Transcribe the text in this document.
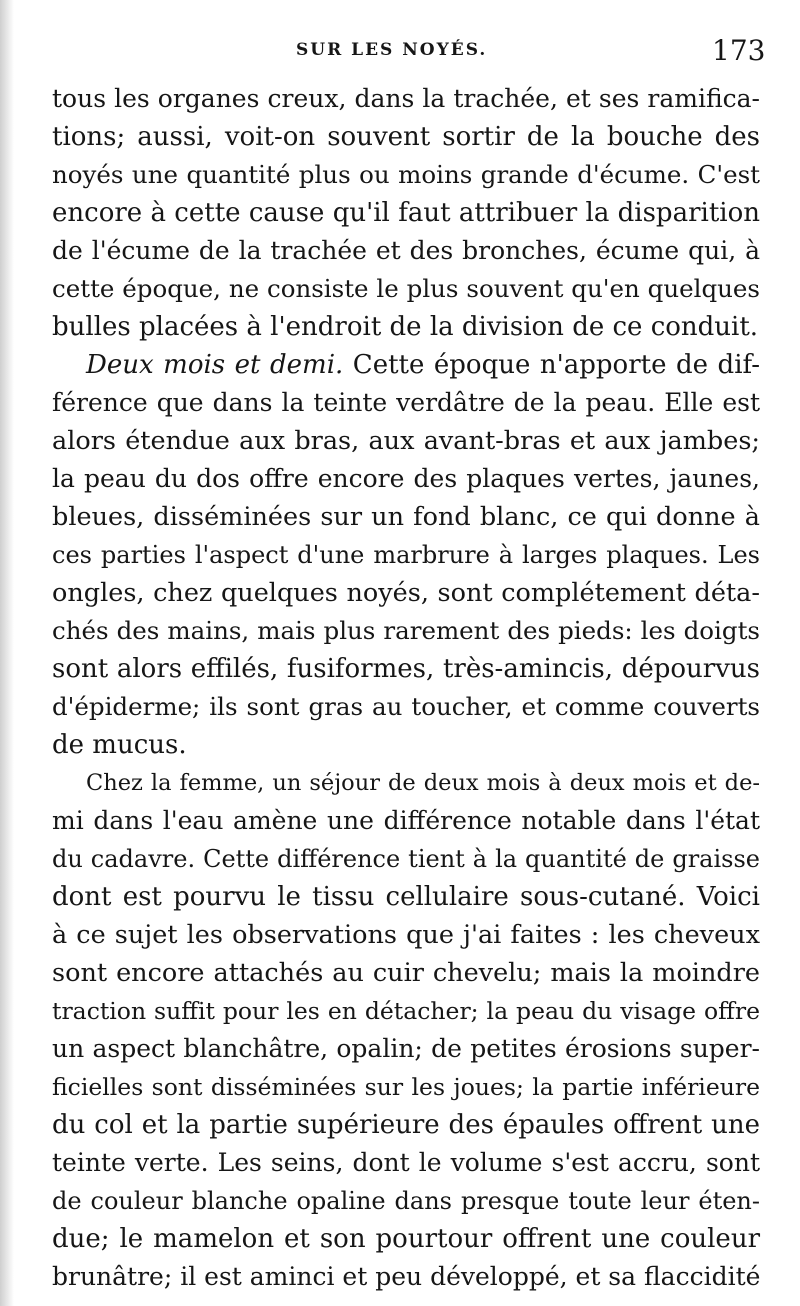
SUR LES NOYÉS.	173
tous les organes creux, dans la trachée, et ses ramifica-
tions; aussi, voit-on souvent sortir de la bouche des
noyés une quantité plus ou moins grande d'écume. C'est
encore à cette cause qu'il faut attribuer la disparition
de l'écume de la trachée et des bronches, écume qui, à
cette époque, ne consiste le plus souvent qu'en quelques
bulles placées à l'endroit de la division de ce conduit.
Deux mois et demi. Cette époque n'apporte de dif-
férence que dans la teinte verdâtre de la peau. Elle est
alors étendue aux bras, aux avant-bras et aux jambes;
la peau du dos offre encore des plaques vertes, jaunes,
bleues, disséminées sur un fond blanc, ce qui donne à
ces parties l'aspect d'une marbrure à larges plaques. Les
ongles, chez quelques noyés, sont complétement déta-
chés des mains, mais plus rarement des pieds: les doigts
sont alors effilés, fusiformes, très-amincis, dépourvus
d'épiderme; ils sont gras au toucher, et comme couverts
de mucus.
Chez la femme, un séjour de deux mois à deux mois et de-
mi dans l'eau amène une différence notable dans l'état
du cadavre. Cette différence tient à la quantité de graisse
dont est pourvu le tissu cellulaire sous-cutané. Voici
à ce sujet les observations que j'ai faites : les cheveux
sont encore attachés au cuir chevelu; mais la moindre
traction suffit pour les en détacher; la peau du visage offre
un aspect blanchâtre, opalin; de petites érosions super-
ficielles sont disséminées sur les joues; la partie inférieure
du col et la partie supérieure des épaules offrent une
teinte verte. Les seins, dont le volume s'est accru, sont
de couleur blanche opaline dans presque toute leur éten-
due; le mamelon et son pourtour offrent une couleur
brunâtre; il est aminci et peu développé, et sa flaccidité
